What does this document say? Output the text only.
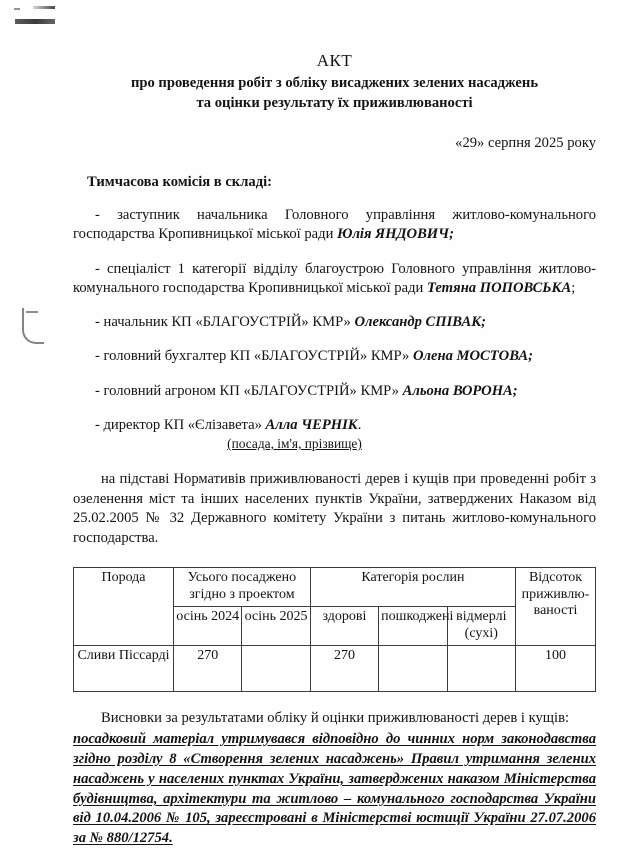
АКТ
про проведення робіт з обліку висаджених зелених насаджень
та оцінки результату їх приживлюваності
«29» серпня 2025 року
Тимчасова комісія в складі:
- заступник начальника Головного управління житлово-комунального господарства Кропивницької міської ради Юлія ЯНДОВИЧ;
- спеціаліст 1 категорії відділу благоустрою Головного управління житлово-комунального господарства Кропивницької міської ради Тетяна ПОПОВСЬКА;
- начальник КП «БЛАГОУСТРІЙ» КМР» Олександр СПІВАК;
- головний бухгалтер КП «БЛАГОУСТРІЙ» КМР» Олена МОСТОВА;
- головний агроном КП «БЛАГОУСТРІЙ» КМР» Альона ВОРОНА;
- директор КП «Єлізавета» Алла ЧЕРНІК.
(посада, ім'я, прізвище)
на підставі Нормативів приживлюваності дерев і кущів при проведенні робіт з озеленення міст та інших населених пунктів України, затверджених Наказом від 25.02.2005 № 32 Державного комітету України з питань житлово-комунального господарства.
Порода	Усього посаджено згідно з проектом		Категорія рослин			Відсоток приживлю-ваності
	осінь 2024	осінь 2025	здорові	пошкоджені	відмерлі (сухі)	
Сливи Піссарді	270		270			100
Висновки за результатами обліку й оцінки приживлюваності дерев і кущів:
посадковий матеріал утримувався відповідно до чинних норм законодавства згідно розділу 8 «Створення зелених насаджень» Правил утримання зелених насаджень у населених пунктах України, затверджених наказом Міністерства будівництва, архітектури та житлово – комунального господарства України від 10.04.2006 № 105, зареєстровані в Міністерстві юстиції України 27.07.2006 за № 880/12754.
